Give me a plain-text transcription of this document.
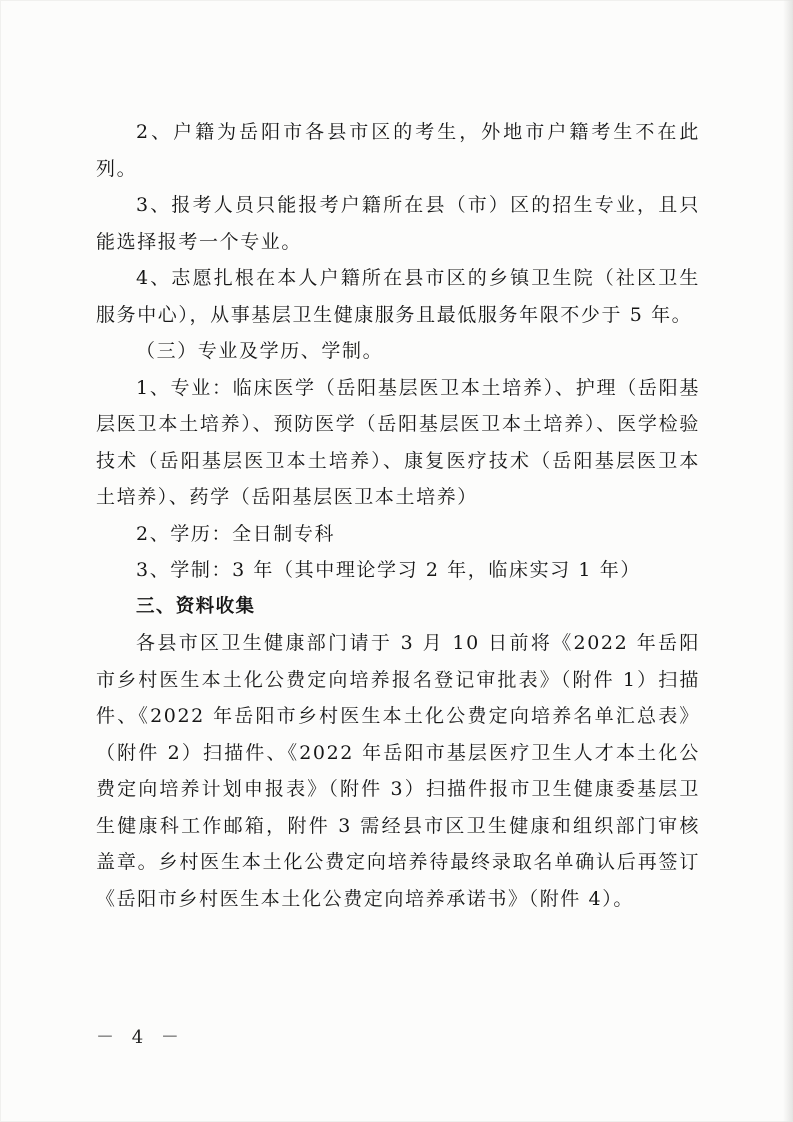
2、户籍为岳阳市各县市区的考生，外地市户籍考生不在此列。

3、报考人员只能报考户籍所在县（市）区的招生专业，且只能选择报考一个专业。

4、志愿扎根在本人户籍所在县市区的乡镇卫生院（社区卫生服务中心），从事基层卫生健康服务且最低服务年限不少于 5 年。

（三）专业及学历、学制。

1、专业：临床医学（岳阳基层医卫本土培养）、护理（岳阳基层医卫本土培养）、预防医学（岳阳基层医卫本土培养）、医学检验技术（岳阳基层医卫本土培养）、康复医疗技术（岳阳基层医卫本土培养）、药学（岳阳基层医卫本土培养）

2、学历：全日制专科

3、学制：3 年（其中理论学习 2 年，临床实习 1 年）

三、资料收集

各县市区卫生健康部门请于 3 月 10 日前将《2022 年岳阳市乡村医生本土化公费定向培养报名登记审批表》（附件 1）扫描件、《2022 年岳阳市乡村医生本土化公费定向培养名单汇总表》（附件 2）扫描件、《2022 年岳阳市基层医疗卫生人才本土化公费定向培养计划申报表》（附件 3）扫描件报市卫生健康委基层卫生健康科工作邮箱，附件 3 需经县市区卫生健康和组织部门审核盖章。乡村医生本土化公费定向培养待最终录取名单确认后再签订《岳阳市乡村医生本土化公费定向培养承诺书》（附件 4）。

－ 4 －
